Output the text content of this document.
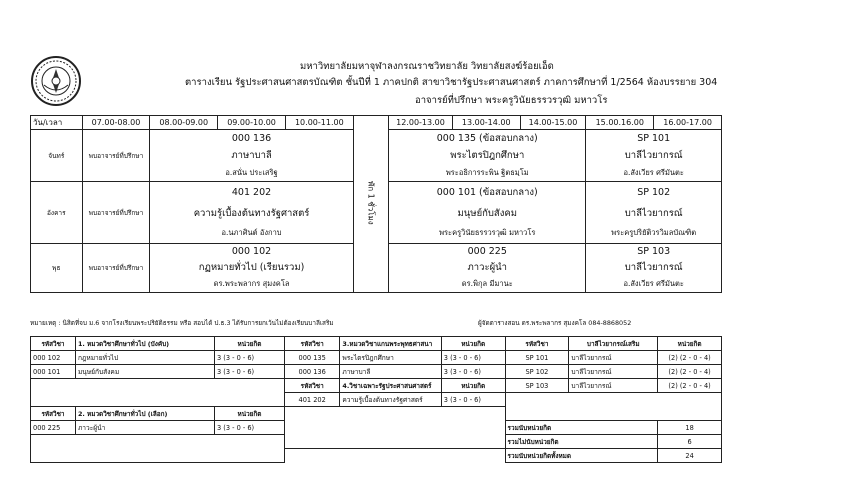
มหาวิทยาลัยมหาจุฬาลงกรณราชวิทยาลัย วิทยาลัยสงฆ์ร้อยเอ็ด
ตารางเรียน รัฐประศาสนศาสตรบัณฑิต ชั้นปีที่ 1 ภาคปกติ สาขาวิชารัฐประศาสนศาสตร์ ภาคการศึกษาที่ 1/2564 ห้องบรรยาย 304
อาจารย์ที่ปรึกษา พระครูวินัยธรรวรวุฒิ มหาวโร
วัน/เวลา	07.00-08.00	08.00-09.00	09.00-10.00	10.00-11.00	พัก 1 ชั่วโมง	12.00-13.00	13.00-14.00	14.00-15.00	15.00.16.00	16.00-17.00
จันทร์	พบอาจารย์ที่ปรึกษา	000 136				000 135 (ข้อสอบกลาง)			SP 101	
		ภาษาบาลี				พระไตรปิฎกศึกษา			บาลีไวยากรณ์	
		อ.สนั่น ประเสริฐ				พระอธิการระพิน ฐิตธมฺโม			อ.สังเวียร ศรีมันตะ	
อังคาร	พบอาจารย์ที่ปรึกษา	401 202				000 101 (ข้อสอบกลาง)			SP 102	
		ความรู้เบื้องต้นทางรัฐศาสตร์				มนุษย์กับสังคม			บาลีไวยากรณ์	
		อ.นภาศินต์ อังกาบ				พระครูวินัยธรรวรวุฒิ มหาวโร			พระครูปริยัติวรวิมลบัณฑิต	
พุธ	พบอาจารย์ที่ปรึกษา	000 102				000 225			SP 103	
		กฏหมายทั่วไป (เรียนรวม)				ภาวะผู้นำ			บาลีไวยากรณ์	
		ดร.พระพลากร สุมงคโล				ดร.พิกุล มีมานะ			อ.สังเวียร ศรีมันตะ	
หมายเหตุ : นิสิตที่จบ ม.6 จากโรงเรียนพระปริยัติธรรม หรือ สอบได้ ป.ธ.3 ได้รับการยกเว้นไม่ต้องเรียนบาลีเสริม	ผู้จัดตารางสอน ดร.พระพลากร สุมงคโล 084-8868052
รหัสวิชา	1. หมวดวิชาศึกษาทั่วไป (บังคับ)	หน่วยกิต	รหัสวิชา	3.หมวดวิชาแกนพระพุทธศาสนา	หน่วยกิต	รหัสวิชา	บาลีไวยากรณ์เสริม	หน่วยกิต
000 102	กฎหมายทั่วไป	3 (3 - 0 - 6)	000 135	พระไตรปิฎกศึกษา	3 (3 - 0 - 6)	SP 101	บาลีไวยากรณ์	(2) (2 - 0 - 4)
000 101	มนุษย์กับสังคม	3 (3 - 0 - 6)	000 136	ภาษาบาลี	3 (3 - 0 - 6)	SP 102	บาลีไวยากรณ์	(2) (2 - 0 - 4)
			รหัสวิชา	4.วิชาเฉพาะรัฐประศาสนศาสตร์	หน่วยกิต	SP 103	บาลีไวยากรณ์	(2) (2 - 0 - 4)
			401 202	ความรู้เบื้องต้นทางรัฐศาสตร์	3 (3 - 0 - 6)			
รหัสวิชา	2. หมวดวิชาศึกษาทั่วไป (เลือก)	หน่วยกิต						
000 225	ภาวะผู้นำ	3 (3 - 0 - 6)				รวมนับหน่วยกิต		18
						รวมไม่นับหน่วยกิต		6
						รวมนับหน่วยกิตทั้งหมด		24
